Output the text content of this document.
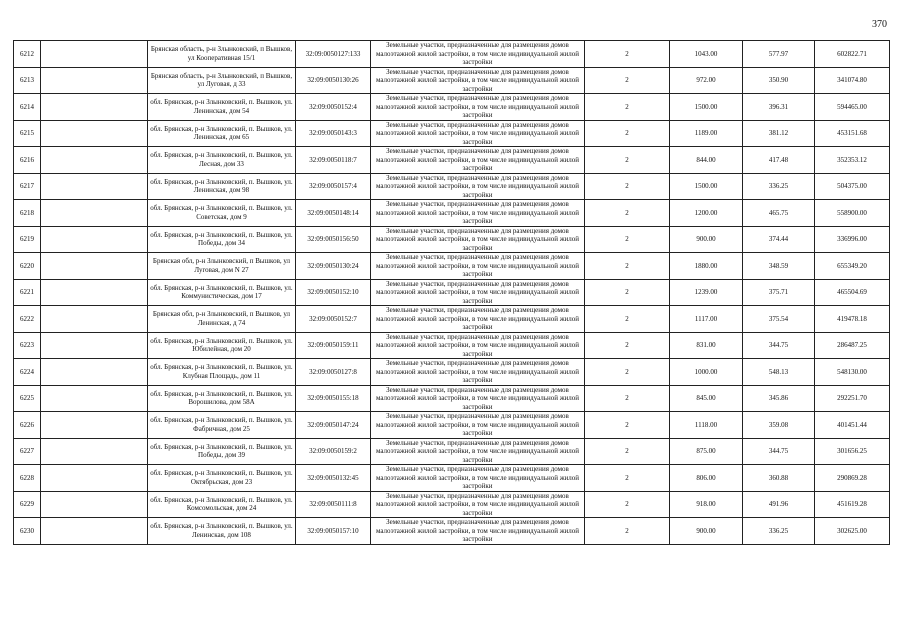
370
6212		Брянская область, р-н Злынковский, п Вышков, ул Кооперативная 15/1	32:09:0050127:133	Земельные участки, предназначенные для размещения домов малоэтажной жилой застройки, в том числе индивидуальной жилой застройки	2	1043.00	577.97	602822.71
6213		Брянская область, р-н Злынковский, п Вышков, ул Луговая, д 33	32:09:0050130:26	Земельные участки, предназначенные для размещения домов малоэтажной жилой застройки, в том числе индивидуальной жилой застройки	2	972.00	350.90	341074.80
6214		обл. Брянская, р-н Злынковский, п. Вышков, ул. Ленинская, дом 54	32:09:0050152:4	Земельные участки, предназначенные для размещения домов малоэтажной жилой застройки, в том числе индивидуальной жилой застройки	2	1500.00	396.31	594465.00
6215		обл. Брянская, р-н Злынковский, п. Вышков, ул. Ленинская, дом 65	32:09:0050143:3	Земельные участки, предназначенные для размещения домов малоэтажной жилой застройки, в том числе индивидуальной жилой застройки	2	1189.00	381.12	453151.68
6216		обл. Брянская, р-н Злынковский, п. Вышков, ул. Лесная, дом 33	32:09:0050118:7	Земельные участки, предназначенные для размещения домов малоэтажной жилой застройки, в том числе индивидуальной жилой застройки	2	844.00	417.48	352353.12
6217		обл. Брянская, р-н Злынковский, п. Вышков, ул. Ленинская, дом 98	32:09:0050157:4	Земельные участки, предназначенные для размещения домов малоэтажной жилой застройки, в том числе индивидуальной жилой застройки	2	1500.00	336.25	504375.00
6218		обл. Брянская, р-н Злынковский, п. Вышков, ул. Советская, дом 9	32:09:0050148:14	Земельные участки, предназначенные для размещения домов малоэтажной жилой застройки, в том числе индивидуальной жилой застройки	2	1200.00	465.75	558900.00
6219		обл. Брянская, р-н Злынковский, п. Вышков, ул. Победы, дом 34	32:09:0050156:50	Земельные участки, предназначенные для размещения домов малоэтажной жилой застройки, в том числе индивидуальной жилой застройки	2	900.00	374.44	336996.00
6220		Брянская обл, р-н Злынковский, п Вышков, ул Луговая, дом N 27	32:09:0050130:24	Земельные участки, предназначенные для размещения домов малоэтажной жилой застройки, в том числе индивидуальной жилой застройки	2	1880.00	348.59	655349.20
6221		обл. Брянская, р-н Злынковский, п. Вышков, ул. Коммунистическая, дом 17	32:09:0050152:10	Земельные участки, предназначенные для размещения домов малоэтажной жилой застройки, в том числе индивидуальной жилой застройки	2	1239.00	375.71	465504.69
6222		Брянская обл, р-н Злынковский, п Вышков, ул Ленинская, д 74	32:09:0050152:7	Земельные участки, предназначенные для размещения домов малоэтажной жилой застройки, в том числе индивидуальной жилой застройки	2	1117.00	375.54	419478.18
6223		обл. Брянская, р-н Злынковский, п. Вышков, ул. Юбилейная, дом 20	32:09:0050159:11	Земельные участки, предназначенные для размещения домов малоэтажной жилой застройки, в том числе индивидуальной жилой застройки	2	831.00	344.75	286487.25
6224		обл. Брянская, р-н Злынковский, п. Вышков, ул. Клубная Площадь, дом 11	32:09:0050127:8	Земельные участки, предназначенные для размещения домов малоэтажной жилой застройки, в том числе индивидуальной жилой застройки	2	1000.00	548.13	548130.00
6225		обл. Брянская, р-н Злынковский, п. Вышков, ул. Ворошилова, дом 58А	32:09:0050155:18	Земельные участки, предназначенные для размещения домов малоэтажной жилой застройки, в том числе индивидуальной жилой застройки	2	845.00	345.86	292251.70
6226		обл. Брянская, р-н Злынковский, п. Вышков, ул. Фабричная, дом 25	32:09:0050147:24	Земельные участки, предназначенные для размещения домов малоэтажной жилой застройки, в том числе индивидуальной жилой застройки	2	1118.00	359.08	401451.44
6227		обл. Брянская, р-н Злынковский, п. Вышков, ул. Победы, дом 39	32:09:0050159:2	Земельные участки, предназначенные для размещения домов малоэтажной жилой застройки, в том числе индивидуальной жилой застройки	2	875.00	344.75	301656.25
6228		обл. Брянская, р-н Злынковский, п. Вышков, ул. Октябрьская, дом 23	32:09:0050132:45	Земельные участки, предназначенные для размещения домов малоэтажной жилой застройки, в том числе индивидуальной жилой застройки	2	806.00	360.88	290869.28
6229		обл. Брянская, р-н Злынковский, п. Вышков, ул. Комсомольская, дом 24	32:09:0050111:8	Земельные участки, предназначенные для размещения домов малоэтажной жилой застройки, в том числе индивидуальной жилой застройки	2	918.00	491.96	451619.28
6230		обл. Брянская, р-н Злынковский, п. Вышков, ул. Ленинская, дом 108	32:09:0050157:10	Земельные участки, предназначенные для размещения домов малоэтажной жилой застройки, в том числе индивидуальной жилой застройки	2	900.00	336.25	302625.00
